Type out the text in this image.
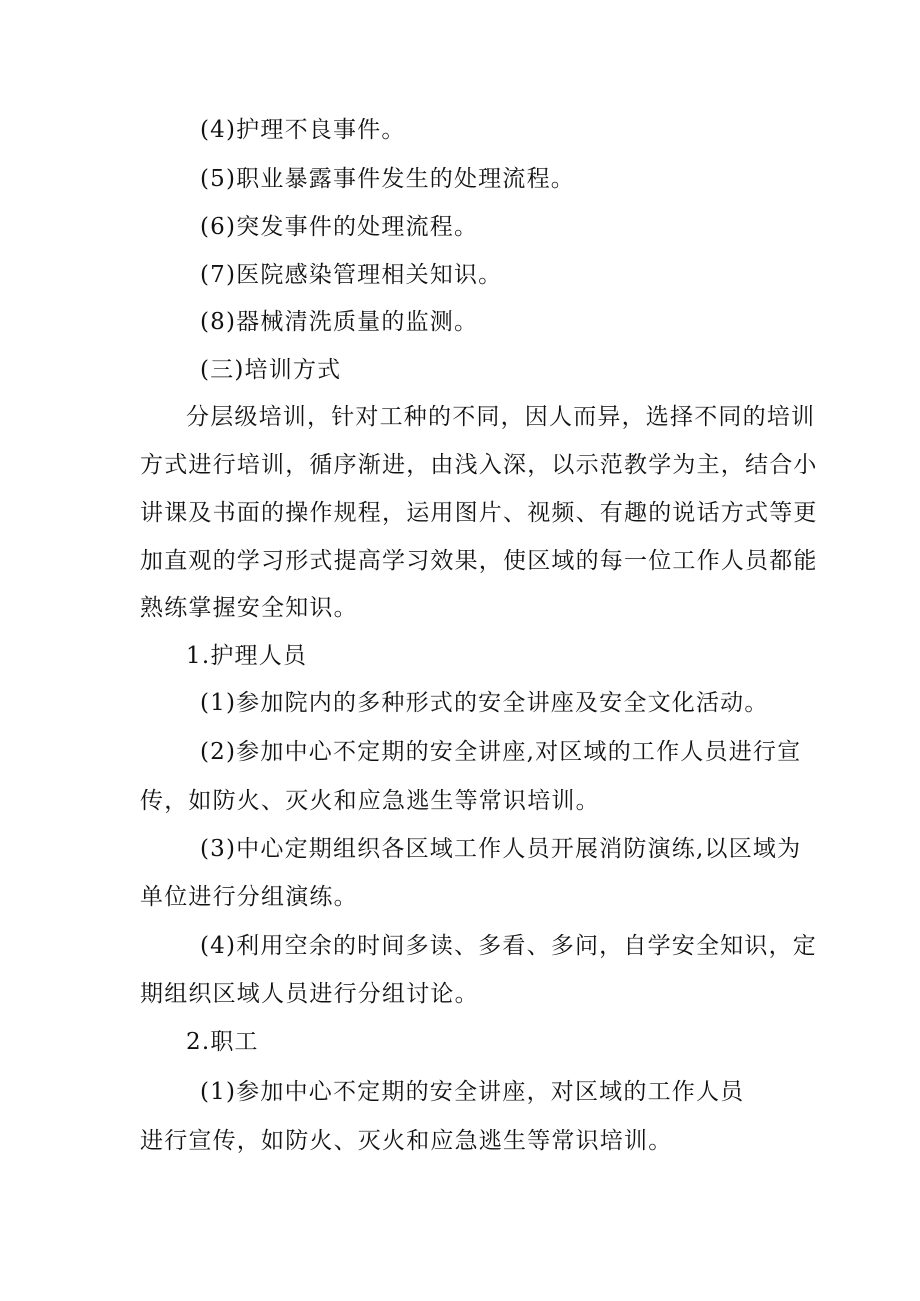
(4)护理不良事件。
(5)职业暴露事件发生的处理流程。
(6)突发事件的处理流程。
(7)医院感染管理相关知识。
(8)器械清洗质量的监测。
(三)培训方式
分层级培训，针对工种的不同，因人而异，选择不同的培训
方式进行培训，循序渐进，由浅入深，以示范教学为主，结合小
讲课及书面的操作规程，运用图片、视频、有趣的说话方式等更
加直观的学习形式提高学习效果，使区域的每一位工作人员都能
熟练掌握安全知识。
1.护理人员
(1)参加院内的多种形式的安全讲座及安全文化活动。
(2)参加中心不定期的安全讲座,对区域的工作人员进行宣
传，如防火、灭火和应急逃生等常识培训。
(3)中心定期组织各区域工作人员开展消防演练,以区域为
单位进行分组演练。
(4)利用空余的时间多读、多看、多问，自学安全知识，定
期组织区域人员进行分组讨论。
2.职工
(1)参加中心不定期的安全讲座，对区域的工作人员
进行宣传，如防火、灭火和应急逃生等常识培训。
